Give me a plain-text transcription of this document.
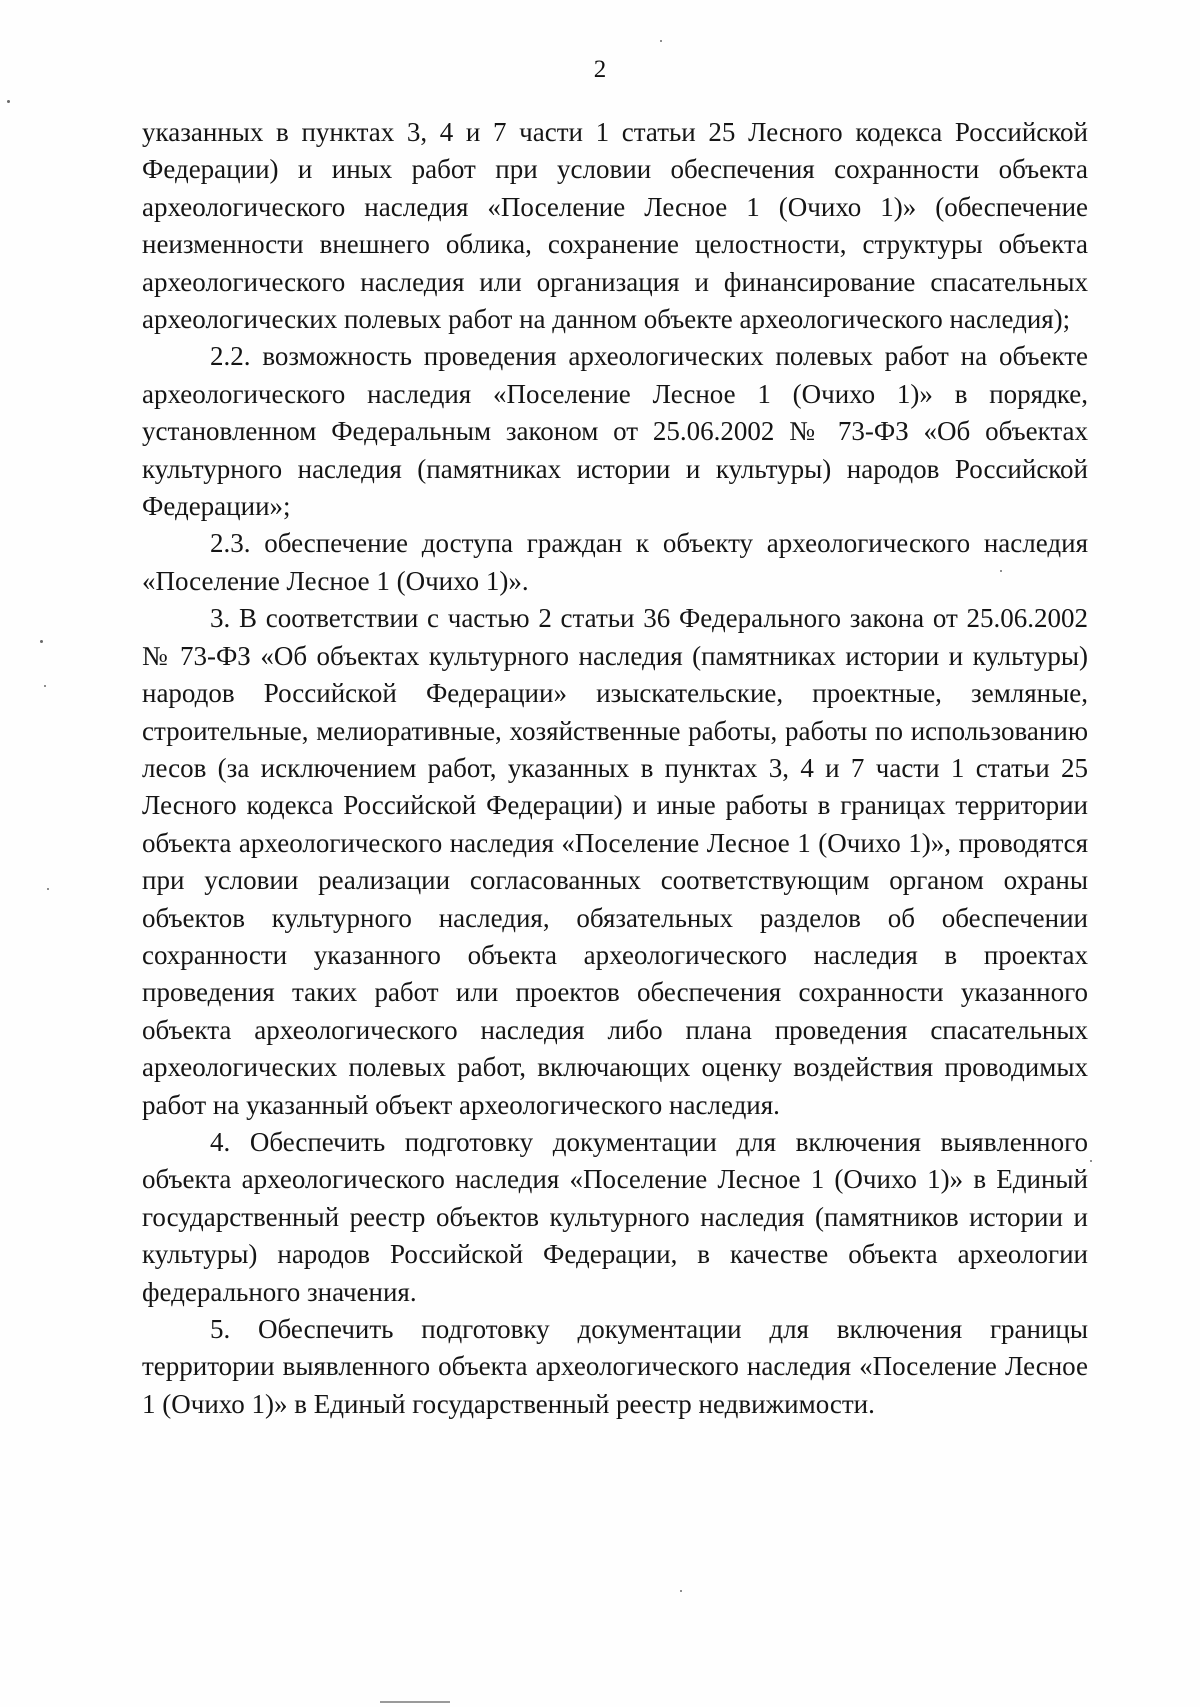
2

указанных в пунктах 3, 4 и 7 части 1 статьи 25 Лесного кодекса Российской Федерации) и иных работ при условии обеспечения сохранности объекта археологического наследия «Поселение Лесное 1 (Очихо 1)» (обеспечение неизменности внешнего облика, сохранение целостности, структуры объекта археологического наследия или организация и финансирование спасательных археологических полевых работ на данном объекте археологического наследия);

2.2. возможность проведения археологических полевых работ на объекте археологического наследия «Поселение Лесное 1 (Очихо 1)» в порядке, установленном Федеральным законом от 25.06.2002 № 73-ФЗ «Об объектах культурного наследия (памятниках истории и культуры) народов Российской Федерации»;

2.3. обеспечение доступа граждан к объекту археологического наследия «Поселение Лесное 1 (Очихо 1)».

3. В соответствии с частью 2 статьи 36 Федерального закона от 25.06.2002 № 73-ФЗ «Об объектах культурного наследия (памятниках истории и культуры) народов Российской Федерации» изыскательские, проектные, земляные, строительные, мелиоративные, хозяйственные работы, работы по использованию лесов (за исключением работ, указанных в пунктах 3, 4 и 7 части 1 статьи 25 Лесного кодекса Российской Федерации) и иные работы в границах территории объекта археологического наследия «Поселение Лесное 1 (Очихо 1)», проводятся при условии реализации согласованных соответствующим органом охраны объектов культурного наследия, обязательных разделов об обеспечении сохранности указанного объекта археологического наследия в проектах проведения таких работ или проектов обеспечения сохранности указанного объекта археологического наследия либо плана проведения спасательных археологических полевых работ, включающих оценку воздействия проводимых работ на указанный объект археологического наследия.

4. Обеспечить подготовку документации для включения выявленного объекта археологического наследия «Поселение Лесное 1 (Очихо 1)» в Единый государственный реестр объектов культурного наследия (памятников истории и культуры) народов Российской Федерации, в качестве объекта археологии федерального значения.

5. Обеспечить подготовку документации для включения границы территории выявленного объекта археологического наследия «Поселение Лесное 1 (Очихо 1)» в Единый государственный реестр недвижимости.
